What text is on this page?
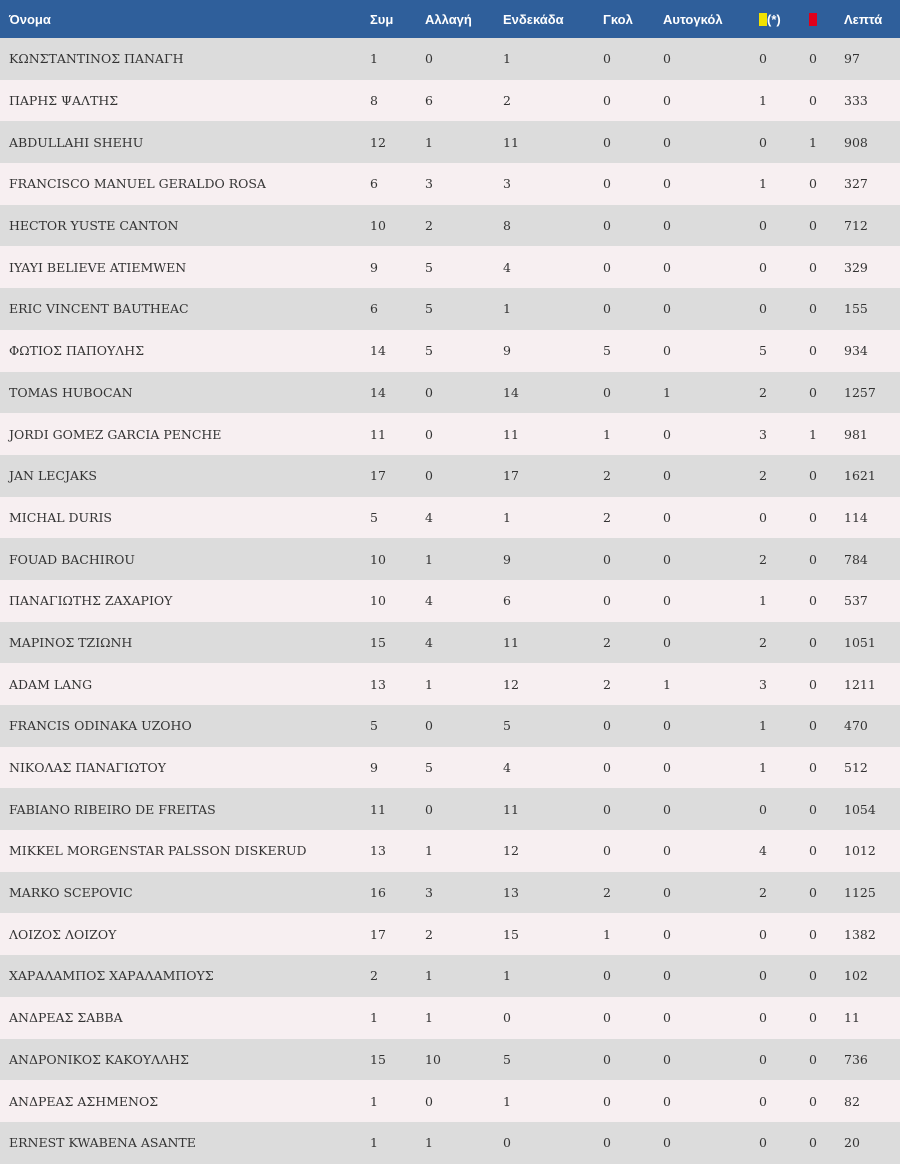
Όνομα	Συμ	Αλλαγή	Ενδεκάδα	Γκολ	Αυτογκόλ	(*)		Λεπτά
ΚΩΝΣΤΑΝΤΙΝΟΣ ΠΑΝΑΓΗ	1	0	1	0	0	0	0	97
ΠΑΡΗΣ ΨΑΛΤΗΣ	8	6	2	0	0	1	0	333
ABDULLAHI SHEHU	12	1	11	0	0	0	1	908
FRANCISCO MANUEL GERALDO ROSA	6	3	3	0	0	1	0	327
HECTOR YUSTE CANTON	10	2	8	0	0	0	0	712
IYAYI BELIEVE ATIEMWEN	9	5	4	0	0	0	0	329
ERIC VINCENT BAUTHEAC	6	5	1	0	0	0	0	155
ΦΩΤΙΟΣ ΠΑΠΟΥΛΗΣ	14	5	9	5	0	5	0	934
TOMAS HUBOCAN	14	0	14	0	1	2	0	1257
JORDI GOMEZ GARCIA PENCHE	11	0	11	1	0	3	1	981
JAN LECJAKS	17	0	17	2	0	2	0	1621
MICHAL DURIS	5	4	1	2	0	0	0	114
FOUAD BACHIROU	10	1	9	0	0	2	0	784
ΠΑΝΑΓΙΩΤΗΣ ΖΑΧΑΡΙΟΥ	10	4	6	0	0	1	0	537
ΜΑΡΙΝΟΣ ΤΖΙΩΝΗ	15	4	11	2	0	2	0	1051
ADAM LANG	13	1	12	2	1	3	0	1211
FRANCIS ODINAKA UZOHO	5	0	5	0	0	1	0	470
ΝΙΚΟΛΑΣ ΠΑΝΑΓΙΩΤΟΥ	9	5	4	0	0	1	0	512
FABIANO RIBEIRO DE FREITAS	11	0	11	0	0	0	0	1054
MIKKEL MORGENSTAR PALSSON DISKERUD	13	1	12	0	0	4	0	1012
MARKO SCEPOVIC	16	3	13	2	0	2	0	1125
ΛΟΙΖΟΣ ΛΟΙΖΟΥ	17	2	15	1	0	0	0	1382
ΧΑΡΑΛΑΜΠΟΣ ΧΑΡΑΛΑΜΠΟΥΣ	2	1	1	0	0	0	0	102
ΑΝΔΡΕΑΣ ΣΑΒΒΑ	1	1	0	0	0	0	0	11
ΑΝΔΡΟΝΙΚΟΣ ΚΑΚΟΥΛΛΗΣ	15	10	5	0	0	0	0	736
ΑΝΔΡΕΑΣ ΑΣΗΜΕΝΟΣ	1	0	1	0	0	0	0	82
ERNEST KWABENA ASANTE	1	1	0	0	0	0	0	20
